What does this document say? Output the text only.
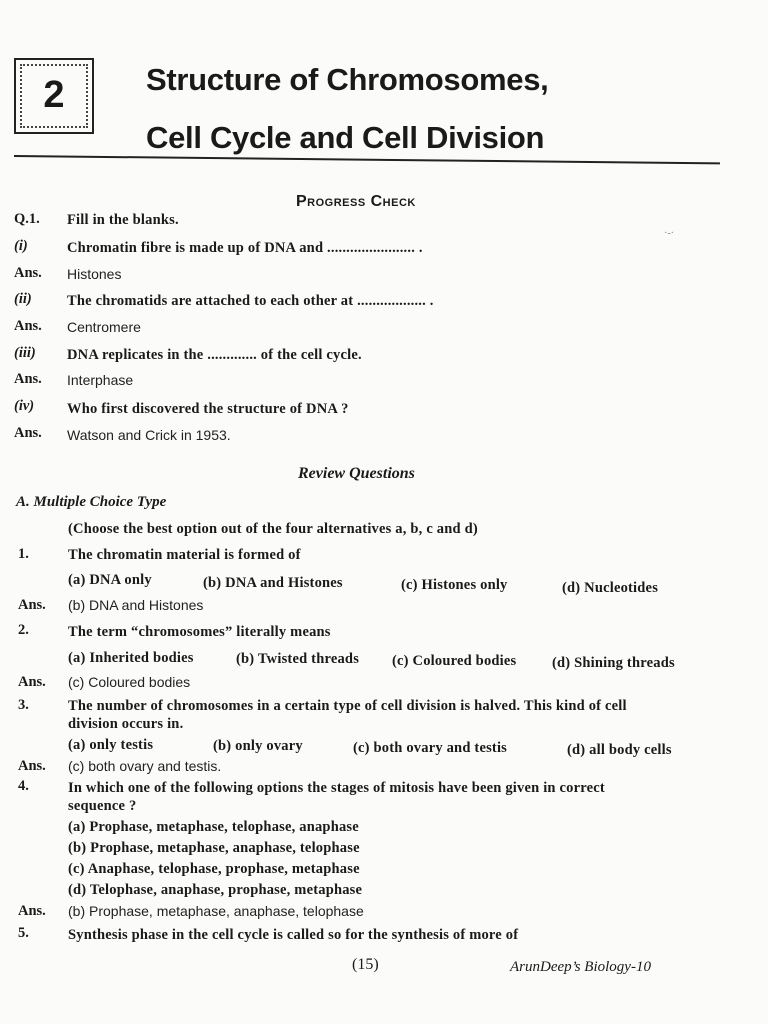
2	Structure of Chromosomes,
Cell Cycle and Cell Division
Progress Check
Q.1. Fill in the blanks.
(i)	Chromatin fibre is made up of DNA and ....................... .
Ans. Histones
(ii) The chromatids are attached to each other at .................. .
Ans. Centromere
(iii) DNA replicates in the ............. of the cell cycle.
Ans. Interphase
(iv) Who first discovered the structure of DNA ?
Ans. Watson and Crick in 1953.
Review Questions
A. Multiple Choice Type
(Choose the best option out of the four alternatives a, b, c and d)
1.	The chromatin material is formed of
(a) DNA only	(b) DNA and Histones	(c) Histones only	(d) Nucleotides
Ans. (b) DNA and Histones
2.	The term “chromosomes” literally means
(a) Inherited bodies	(b) Twisted threads (c) Coloured bodies (d) Shining threads
Ans. (c) Coloured bodies
3.	The number of chromosomes in a certain type of cell division is halved. This kind of cell
division occurs in.
(a) only testis	(b) only ovary	(c) both ovary and testis	(d) all body cells
Ans. (c) both ovary and testis.
4.	In which one of the following options the stages of mitosis have been given in correct
sequence ?
(a) Prophase, metaphase, telophase, anaphase
(b) Prophase, metaphase, anaphase, telophase
(c) Anaphase, telophase, prophase, metaphase
(d) Telophase, anaphase, prophase, metaphase
Ans. (b) Prophase, metaphase, anaphase, telophase
5.	Synthesis phase in the cell cycle is called so for the synthesis of more of
(15)	ArunDeep’s Biology-10
·-·
